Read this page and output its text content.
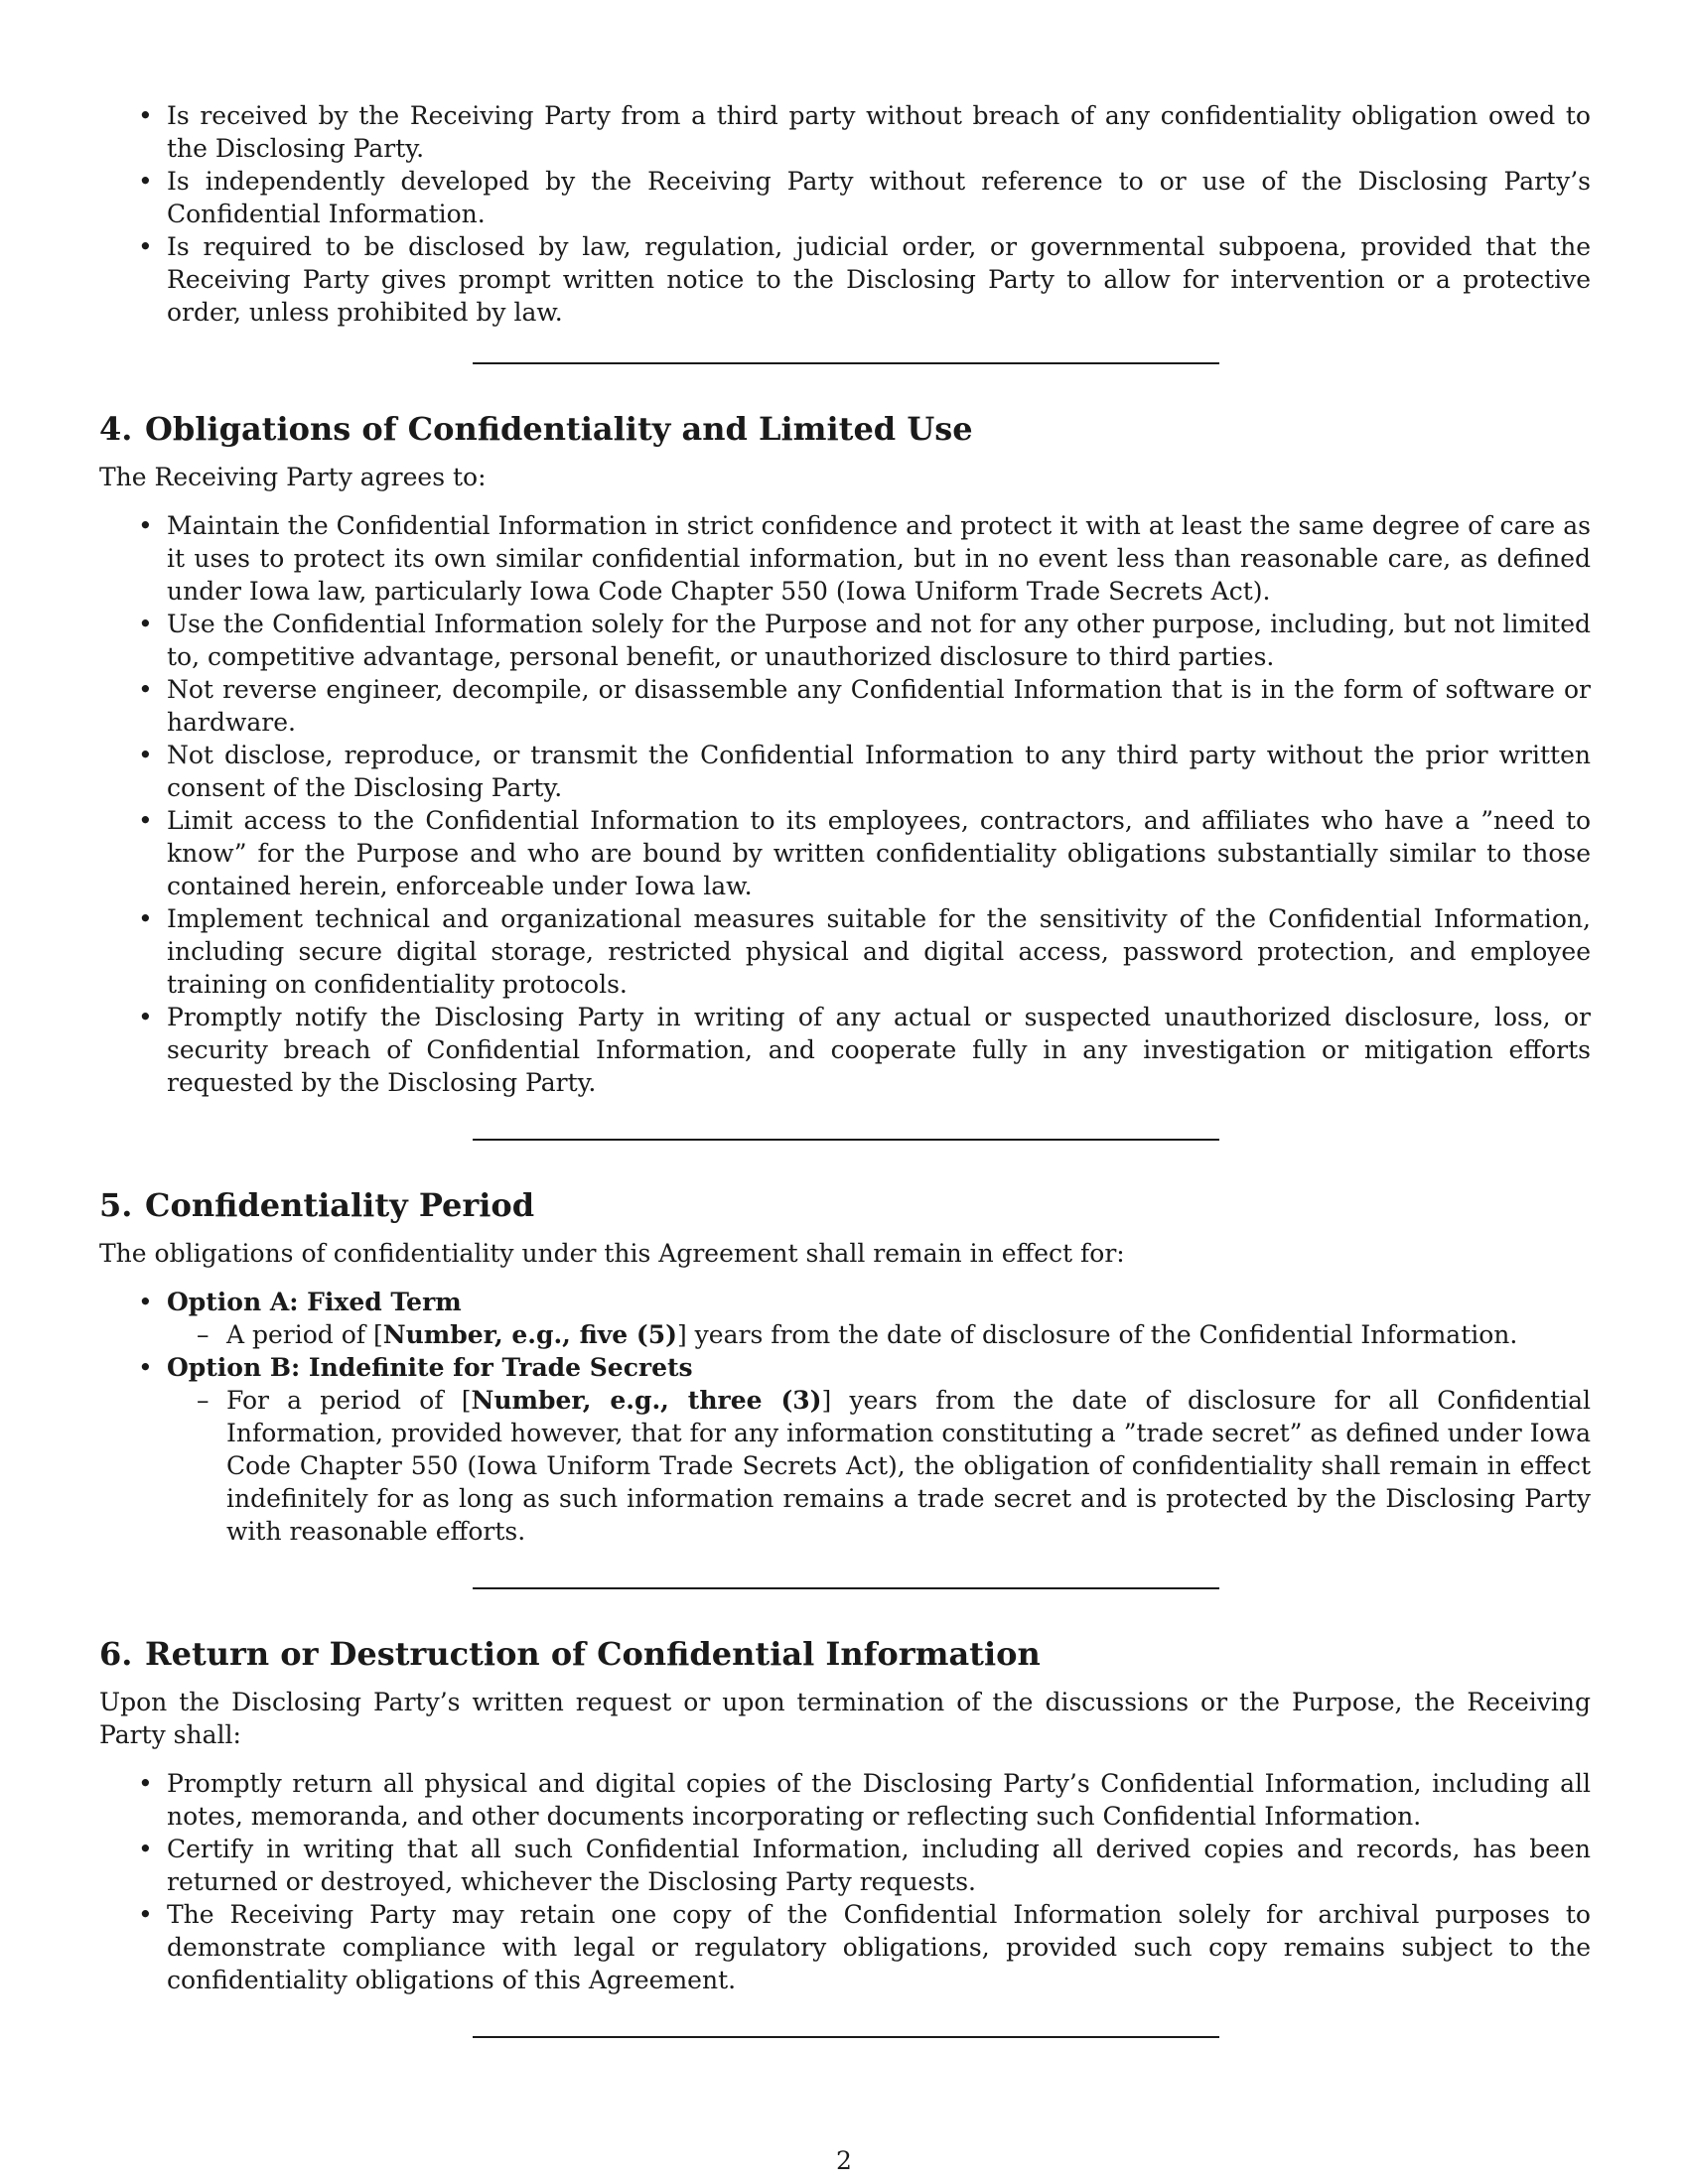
• Is received by the Receiving Party from a third party without breach of any confidentiality obligation owed to the Disclosing Party.
• Is independently developed by the Receiving Party without reference to or use of the Disclosing Party’s Confidential Information.
• Is required to be disclosed by law, regulation, judicial order, or governmental subpoena, provided that the Receiving Party gives prompt written notice to the Disclosing Party to allow for intervention or a protective order, unless prohibited by law.
4. Obligations of Confidentiality and Limited Use

The Receiving Party agrees to:

• Maintain the Confidential Information in strict confidence and protect it with at least the same degree of care as it uses to protect its own similar confidential information, but in no event less than reasonable care, as defined under Iowa law, particularly Iowa Code Chapter 550 (Iowa Uniform Trade Secrets Act).
• Use the Confidential Information solely for the Purpose and not for any other purpose, including, but not limited to, competitive advantage, personal benefit, or unauthorized disclosure to third parties.
• Not reverse engineer, decompile, or disassemble any Confidential Information that is in the form of software or hardware.
• Not disclose, reproduce, or transmit the Confidential Information to any third party without the prior written consent of the Disclosing Party.
• Limit access to the Confidential Information to its employees, contractors, and affiliates who have a ”need to know” for the Purpose and who are bound by written confidentiality obligations substantially similar to those contained herein, enforceable under Iowa law.
• Implement technical and organizational measures suitable for the sensitivity of the Confidential Information, including secure digital storage, restricted physical and digital access, password protection, and employee training on confidentiality protocols.
• Promptly notify the Disclosing Party in writing of any actual or suspected unauthorized disclosure, loss, or security breach of Confidential Information, and cooperate fully in any investigation or mitigation efforts requested by the Disclosing Party.
5. Confidentiality Period

The obligations of confidentiality under this Agreement shall remain in effect for:

• Option A: Fixed Term
– A period of [Number, e.g., five (5)] years from the date of disclosure of the Confidential Information.
• Option B: Indefinite for Trade Secrets
– For a period of [Number, e.g., three (3)] years from the date of disclosure for all Confidential Information, provided however, that for any information constituting a ”trade secret” as defined under Iowa Code Chapter 550 (Iowa Uniform Trade Secrets Act), the obligation of confidentiality shall remain in effect indefinitely for as long as such information remains a trade secret and is protected by the Disclosing Party with reasonable efforts.
6. Return or Destruction of Confidential Information

Upon the Disclosing Party’s written request or upon termination of the discussions or the Purpose, the Receiving Party shall:

• Promptly return all physical and digital copies of the Disclosing Party’s Confidential Information, including all notes, memoranda, and other documents incorporating or reflecting such Confidential Information.
• Certify in writing that all such Confidential Information, including all derived copies and records, has been returned or destroyed, whichever the Disclosing Party requests.
• The Receiving Party may retain one copy of the Confidential Information solely for archival purposes to demonstrate compliance with legal or regulatory obligations, provided such copy remains subject to the confidentiality obligations of this Agreement.
2
